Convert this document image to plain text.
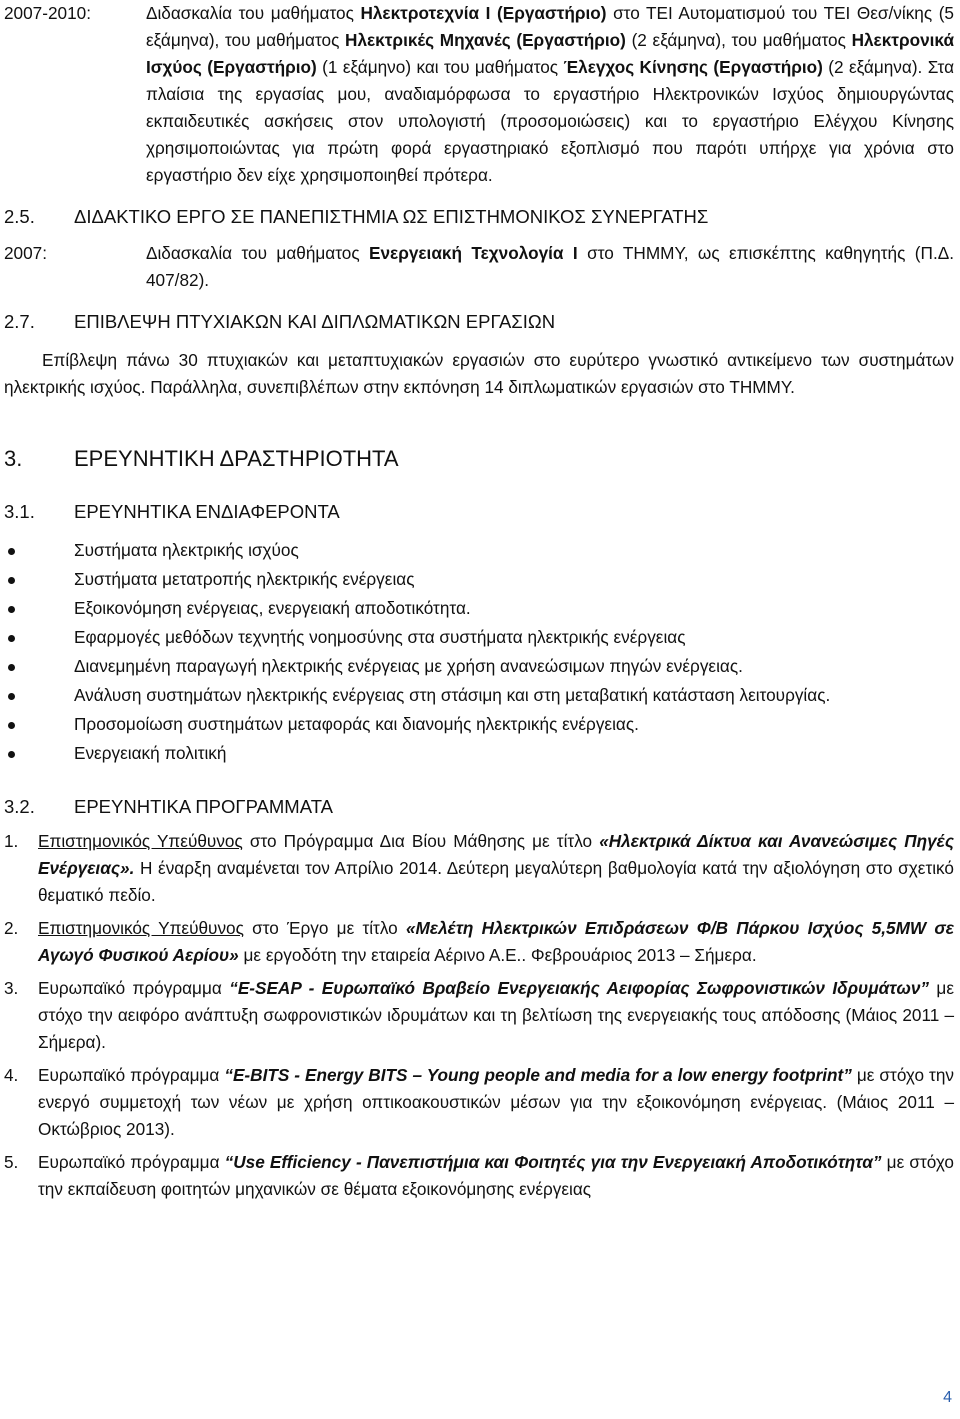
2007-2010:	Διδασκαλία του μαθήματος Ηλεκτροτεχνία Ι (Εργαστήριο) στο ΤΕΙ Αυτοματισμού του ΤΕΙ Θεσ/νίκης (5 εξάμηνα), του μαθήματος Ηλεκτρικές Μηχανές (Εργαστήριο) (2 εξάμηνα), του μαθήματος Ηλεκτρονικά Ισχύος (Εργαστήριο) (1 εξάμηνο) και του μαθήματος Έλεγχος Κίνησης (Εργαστήριο) (2 εξάμηνα). Στα πλαίσια της εργασίας μου, αναδιαμόρφωσα το εργαστήριο Ηλεκτρονικών Ισχύος δημιουργώντας εκπαιδευτικές ασκήσεις στον υπολογιστή (προσομοιώσεις) και το εργαστήριο Ελέγχου Κίνησης χρησιμοποιώντας για πρώτη φορά εργαστηριακό εξοπλισμό που παρότι υπήρχε για χρόνια στο εργαστήριο δεν είχε χρησιμοποιηθεί πρότερα.
2.5.	ΔΙΔΑΚΤΙΚΟ ΕΡΓΟ ΣΕ ΠΑΝΕΠΙΣΤΗΜΙΑ ΩΣ ΕΠΙΣΤΗΜΟΝΙΚΟΣ ΣΥΝΕΡΓΑΤΗΣ
2007:	Διδασκαλία του μαθήματος Ενεργειακή Τεχνολογία Ι στο ΤΗΜΜΥ, ως επισκέπτης καθηγητής (Π.Δ. 407/82).
2.7.	ΕΠΙΒΛΕΨΗ ΠΤΥΧΙΑΚΩΝ ΚΑΙ ΔΙΠΛΩΜΑΤΙΚΩΝ ΕΡΓΑΣΙΩΝ
Επίβλεψη πάνω 30 πτυχιακών και μεταπτυχιακών εργασιών στο ευρύτερο γνωστικό αντικείμενο των συστημάτων ηλεκτρικής ισχύος. Παράλληλα, συνεπιβλέπων στην εκπόνηση 14 διπλωματικών εργασιών στο ΤΗΜΜΥ.
3.	ΕΡΕΥΝΗΤΙΚΗ ΔΡΑΣΤΗΡΙΟΤΗΤΑ
3.1.	ΕΡΕΥΝΗΤΙΚΑ ΕΝΔΙΑΦΕΡΟΝΤΑ
Συστήματα ηλεκτρικής ισχύος
Συστήματα μετατροπής ηλεκτρικής ενέργειας
Εξοικονόμηση ενέργειας, ενεργειακή αποδοτικότητα.
Εφαρμογές μεθόδων τεχνητής νοημοσύνης στα συστήματα ηλεκτρικής ενέργειας
Διανεμημένη παραγωγή ηλεκτρικής ενέργειας με χρήση ανανεώσιμων πηγών ενέργειας.
Ανάλυση συστημάτων ηλεκτρικής ενέργειας στη στάσιμη και στη μεταβατική κατάσταση λειτουργίας.
Προσομοίωση συστημάτων μεταφοράς και διανομής ηλεκτρικής ενέργειας.
Ενεργειακή πολιτική
3.2.	ΕΡΕΥΝΗΤΙΚΑ ΠΡΟΓΡΑΜΜΑΤΑ
1.	Επιστημονικός Υπεύθυνος στο Πρόγραμμα Δια Βίου Μάθησης με τίτλο «Ηλεκτρικά Δίκτυα και Ανανεώσιμες Πηγές Ενέργειας». Η έναρξη αναμένεται τον Απρίλιο 2014. Δεύτερη μεγαλύτερη βαθμολογία κατά την αξιολόγηση στο σχετικό θεματικό πεδίο.
2.	Επιστημονικός Υπεύθυνος στο Έργο με τίτλο «Μελέτη Ηλεκτρικών Επιδράσεων Φ/Β Πάρκου Ισχύος 5,5MW σε Αγωγό Φυσικού Αερίου» με εργοδότη την εταιρεία Αέρινο Α.Ε.. Φεβρουάριος 2013 – Σήμερα.
3.	Ευρωπαϊκό πρόγραμμα “E-SEAP - Ευρωπαϊκό Βραβείο Ενεργειακής Αειφορίας Σωφρονιστικών Ιδρυμάτων” με στόχο την αειφόρο ανάπτυξη σωφρονιστικών ιδρυμάτων και τη βελτίωση της ενεργειακής τους απόδοσης (Μάιος 2011 – Σήμερα).
4.	Ευρωπαϊκό πρόγραμμα “E-BITS - Energy BITS – Young people and media for a low energy footprint” με στόχο την ενεργό συμμετοχή των νέων με χρήση οπτικοακουστικών μέσων για την εξοικονόμηση ενέργειας. (Μάιος 2011 – Οκτώβριος 2013).
5.	Ευρωπαϊκό πρόγραμμα “Use Efficiency - Πανεπιστήμια και Φοιτητές για την Ενεργειακή Αποδοτικότητα” με στόχο την εκπαίδευση φοιτητών μηχανικών σε θέματα εξοικονόμησης ενέργειας
4
